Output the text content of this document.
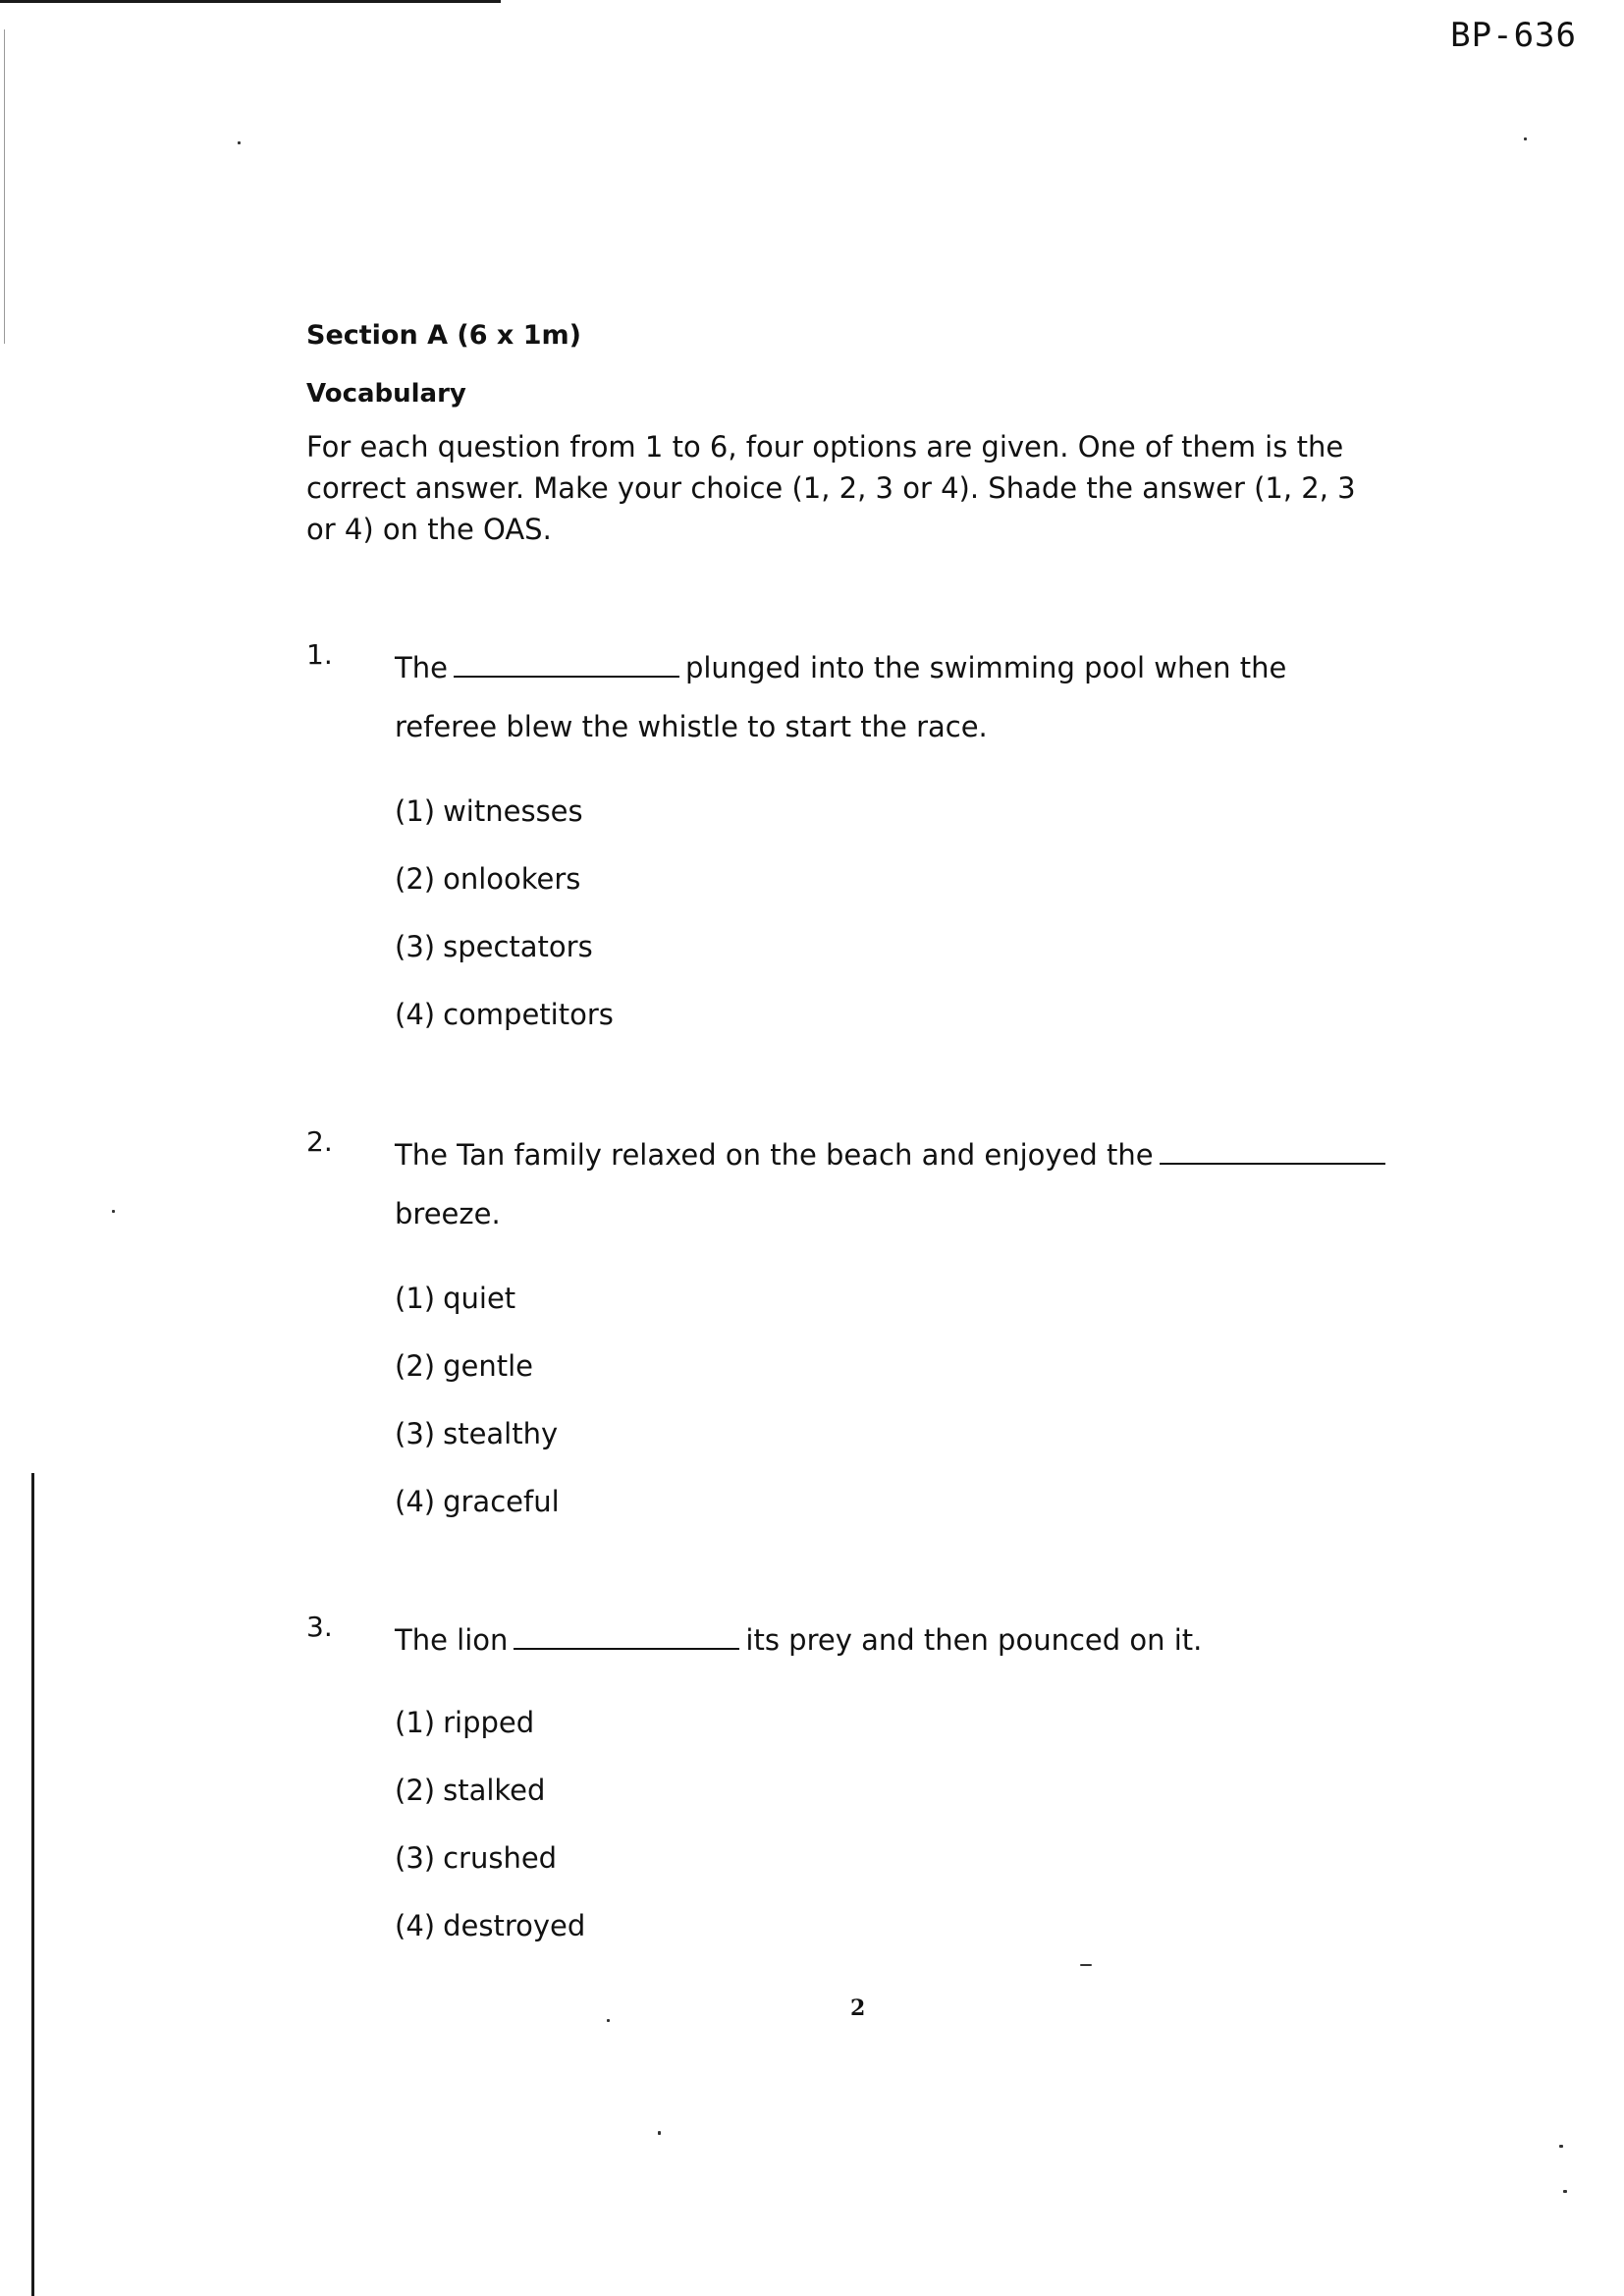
BP-636
Section A (6 x 1m)
Vocabulary
For each question from 1 to 6, four options are given. One of them is the correct answer. Make your choice (1, 2, 3 or 4). Shade the answer (1, 2, 3 or 4) on the OAS.
1. The	plunged into the swimming pool when the referee blew the whistle to start the race.
(1) witnesses
(2) onlookers
(3) spectators
(4) competitors
2. The Tan family relaxed on the beach and enjoyed thebreeze.
(1) quiet
(2) gentle
(3) stealthy
(4) graceful
3. The lion	its prey and then pounced on it.
(1) ripped
(2) stalked
(3) crushed
(4) destroyed
2
